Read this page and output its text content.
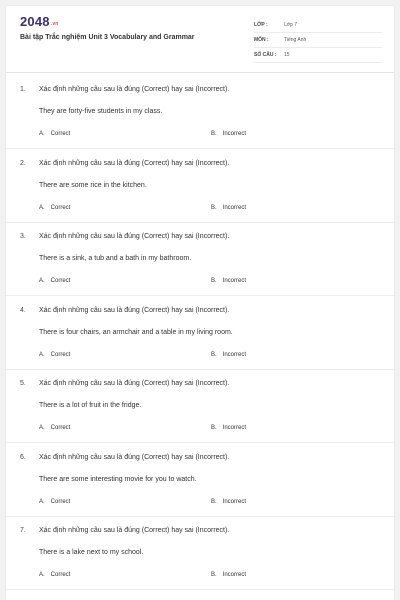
2048.vn
Bài tập Trắc nghiệm Unit 3 Vocabulary and Grammar
LỚP :	Lớp 7
MÔN :	Tiếng Anh
SỐ CÂU :	15
1. Xác định những câu sau là đúng (Correct) hay sai (Incorrect).
They are forty-five students in my class.
A. Correct	B. Incorrect
2. Xác định những câu sau là đúng (Correct) hay sai (Incorrect).
There are some rice in the kitchen.
A. Correct	B. Incorrect
3. Xác định những câu sau là đúng (Correct) hay sai (Incorrect).
There is a sink, a tub and a bath in my bathroom.
A. Correct	B. Incorrect
4. Xác định những câu sau là đúng (Correct) hay sai (Incorrect).
There is four chairs, an armchair and a table in my living room.
A. Correct	B. Incorrect
5. Xác định những câu sau là đúng (Correct) hay sai (Incorrect).
There is a lot of fruit in the fridge.
A. Correct	B. Incorrect
6. Xác định những câu sau là đúng (Correct) hay sai (Incorrect).
There are some interesting movie for you to watch.
A. Correct	B. Incorrect
7. Xác định những câu sau là đúng (Correct) hay sai (Incorrect).
There is a lake next to my school.
A. Correct	B. Incorrect
